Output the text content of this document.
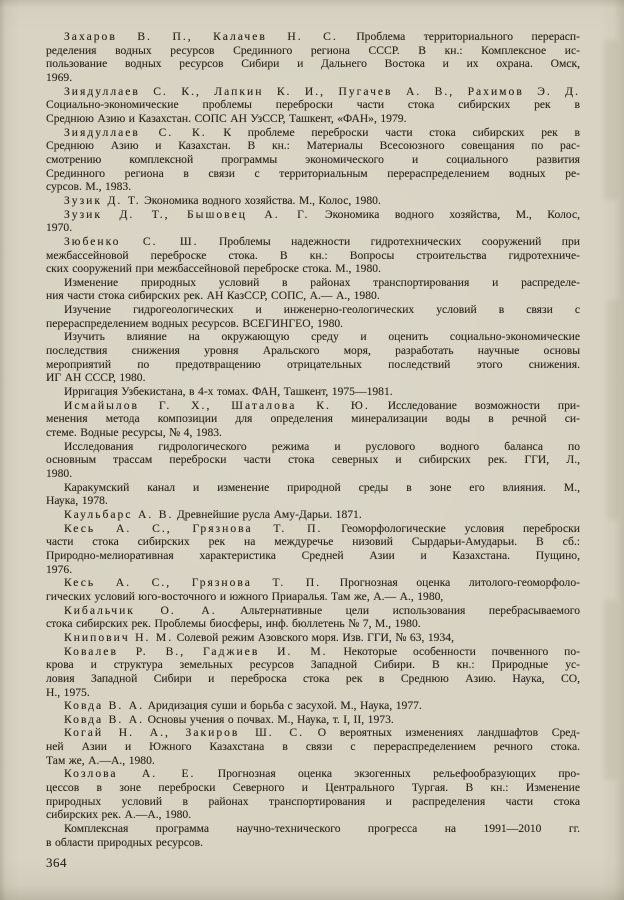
Захаров В. П., Калачев Н. С. Проблема территориального перерасп-
ределения водных ресурсов Срединного региона СССР. В кн.: Комплексное ис-
пользование водных ресурсов Сибири и Дальнего Востока и их охрана. Омск,
1969.
Зиядуллаев С. К., Лапкин К. И., Пугачев А. В., Рахимов Э. Д.
Социально-экономические проблемы переброски части стока сибирских рек в
Среднюю Азию и Казахстан. СОПС АН УзССР, Ташкент, «ФАН», 1979.
Зиядуллаев С. К. К проблеме переброски части стока сибирских рек в
Среднюю Азию и Казахстан. В кн.: Материалы Всесоюзного совещания по рас-
смотрению комплексной программы экономического и социального развития
Срединного региона в связи с территориальным перераспределением водных ре-
сурсов. М., 1983.
Зузик Д. Т. Экономика водного хозяйства. М., Колос, 1980.
Зузик Д. Т., Бышовец А. Г. Экономика водного хозяйства, М., Колос,
1970.
Зюбенко С. Ш. Проблемы надежности гидротехнических сооружений при
межбассейновой переброске стока. В кн.: Вопросы строительства гидротехниче-
ских сооружений при межбассейновой переброске стока. М., 1980.
Изменение природных условий в районах транспортирования и распределе-
ния части стока сибирских рек. АН КазССР, СОПС, А.— А., 1980.
Изучение гидрогеологических и инженерно-геологических условий в связи с
перераспределением водных ресурсов. ВСЕГИНГЕО, 1980.
Изучить влияние на окружающую среду и оценить социально-экономические
последствия снижения уровня Аральского моря, разработать научные основы
мероприятий по предотвращению отрицательных последствий этого снижения.
ИГ АН СССР, 1980.
Ирригация Узбекистана, в 4-х томах. ФАН, Ташкент, 1975—1981.
Исмайылов Г. Х., Шаталова К. Ю. Исследование возможности при-
менения метода композиции для определения минерализации воды в речной си-
стеме. Водные ресурсы, № 4, 1983.
Исследования гидрологического режима и руслового водного баланса по
основным трассам переброски части стока северных и сибирских рек. ГГИ, Л.,
1980.
Каракумский канал и изменение природной среды в зоне его влияния. М.,
Наука, 1978.
Каульбарс А. В. Древнейшие русла Аму-Дарьи. 1871.
Кесь А. С., Грязнова Т. П. Геоморфологические условия переброски
части стока сибирских рек на междуречье низовий Сырдарьи-Амударьи. В сб.:
Природно-мелиоративная характеристика Средней Азии и Казахстана. Пущино,
1976.
Кесь А. С., Грязнова Т. П. Прогнозная оценка литолого-геоморфоло-
гических условий юго-восточного и южного Приаралья. Там же, А.— А., 1980,
Кибальчик О. А. Альтернативные цели использования перебрасываемого
стока сибирских рек. Проблемы биосферы, инф. бюллетень № 7, М., 1980.
Книпович Н. М. Солевой режим Азовского моря. Изв. ГГИ, № 63, 1934,
Ковалев Р. В., Гаджиев И. М. Некоторые особенности почвенного по-
крова и структура земельных ресурсов Западной Сибири. В кн.: Природные ус-
ловия Западной Сибири и переброска стока рек в Среднюю Азию. Наука, СО,
Н., 1975.
Ковда В. А. Аридизация суши и борьба с засухой. М., Наука, 1977.
Ковда В. А. Основы учения о почвах. М., Наука, т. I, II, 1973.
Когай Н. А., Закиров Ш. С. О вероятных изменениях ландшафтов Сред-
ней Азии и Южного Казахстана в связи с перераспределением речного стока.
Там же, А.—А., 1980.
Козлова А. Е. Прогнозная оценка экзогенных рельефообразующих про-
цессов в зоне переброски Северного и Центрального Тургая. В кн.: Изменение
природных условий в районах транспортирования и распределения части стока
сибирских рек. А.—А., 1980.
Комплексная программа научно-технического прогресса на 1991—2010 гг.
в области природных ресурсов.
364
